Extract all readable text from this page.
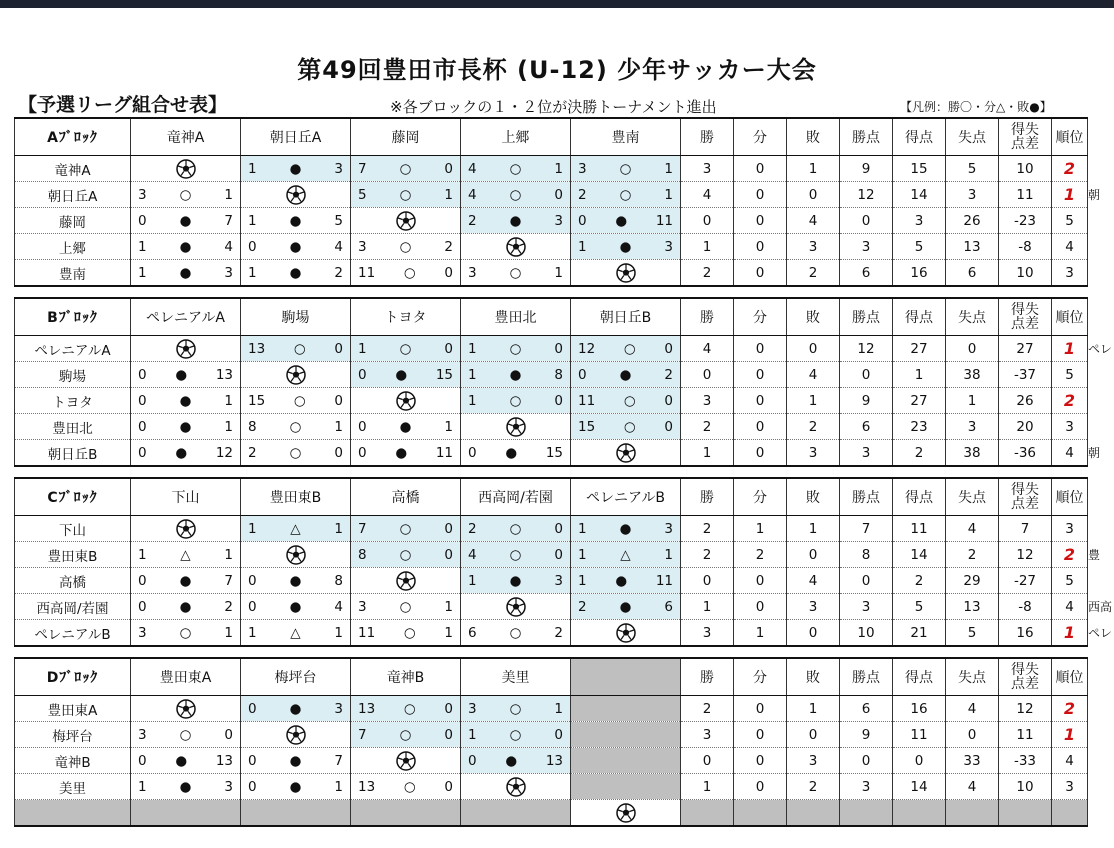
第49回豊田市長杯 (U-12) 少年サッカー大会
【予選リーグ組合せ表】	※各ブロックの１・２位が決勝トーナメント進出	【凡例：勝〇・分△・敗●】
Aﾌﾞﾛｯｸ	竜神A	朝日丘A	藤岡	上郷	豊南	勝	分	敗	勝点	得点	失点	得失点差	順位
竜神A		1 ● 3	7 ○ 0	4 ○ 1	3 ○ 1	3	0	1	9	15	5	10	2
朝日丘A	3 ○ 1		5 ○ 1	4 ○ 0	2 ○ 1	4	0	0	12	14	3	11	1
藤岡	0 ● 7	1 ● 5		2 ● 3	0 ● 11	0	0	4	0	3	26	-23	5
上郷	1 ● 4	0 ● 4	3 ○ 2		1 ● 3	1	0	3	3	5	13	-8	4
豊南	1 ● 3	1 ● 2	11 ○ 0	3 ○ 1		2	0	2	6	16	6	10	3
Bﾌﾞﾛｯｸ	ペレニアルA	駒場	トヨタ	豊田北	朝日丘B	勝	分	敗	勝点	得点	失点	得失点差	順位
ペレニアルA		13 ○ 0	1 ○ 0	1 ○ 0	12 ○ 0	4	0	0	12	27	0	27	1
駒場	0 ● 13		0 ● 15	1 ● 8	0 ● 2	0	0	4	0	1	38	-37	5
トヨタ	0 ● 1	15 ○ 0		1 ○ 0	11 ○ 0	3	0	1	9	27	1	26	2
豊田北	0 ● 1	8 ○ 1	0 ● 1		15 ○ 0	2	0	2	6	23	3	20	3
朝日丘B	0 ● 12	2 ○ 0	0 ● 11	0 ● 15		1	0	3	3	2	38	-36	4
Cﾌﾞﾛｯｸ	下山	豊田東B	高橋	西高岡/若園	ペレニアルB	勝	分	敗	勝点	得点	失点	得失点差	順位
下山		1 △ 1	7 ○ 0	2 ○ 0	1 ● 3	2	1	1	7	11	4	7	3
豊田東B	1 △ 1		8 ○ 0	4 ○ 0	1 △ 1	2	2	0	8	14	2	12	2
高橋	0 ● 7	0 ● 8		1 ● 3	1 ● 11	0	0	4	0	2	29	-27	5
西高岡/若園	0 ● 2	0 ● 4	3 ○ 1		2 ● 6	1	0	3	3	5	13	-8	4
ペレニアルB	3 ○ 1	1 △ 1	11 ○ 1	6 ○ 2		3	1	0	10	21	5	16	1
Dﾌﾞﾛｯｸ	豊田東A	梅坪台	竜神B	美里		勝	分	敗	勝点	得点	失点	得失点差	順位
豊田東A		0 ● 3	13 ○ 0	3 ○ 1		2	0	1	6	16	4	12	2
梅坪台	3 ○ 0		7 ○ 0	1 ○ 0		3	0	0	9	11	0	11	1
竜神B	0 ● 13	0 ● 7		0 ● 13		0	0	3	0	0	33	-33	4
美里	1 ● 3	0 ● 1	13 ○ 0			1	0	2	3	14	4	10	3

朝
ペレ
朝
豊
西高
ペレ
